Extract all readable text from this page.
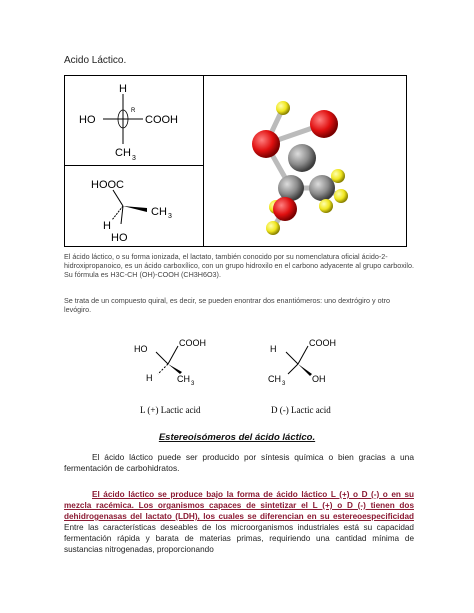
Acido Láctico.
H
HO	COOH
CH 3
R
HOOC
CH 3
H
HO
El ácido láctico, o su forma ionizada, el lactato, también conocido por su nomenclatura oficial ácido-2-hidroxipropanoico, es un ácido carboxílico, con un grupo hidroxilo en el carbono adyacente al grupo carboxilo. Su fórmula es H3C-CH (OH)-COOH (CH3H6O3).
Se trata de un compuesto quiral, es decir, se pueden enontrar dos enantiómeros: uno dextrógiro y otro levógiro.
HO
COOH
H	CH 3
H
COOH
CH 3	OH
L (+) Lactic acid	D (-) Lactic acid
Estereoisómeros del ácido láctico.
El ácido láctico puede ser producido por síntesis química o bien gracias a una fermentación de carbohidratos.
El ácido láctico se produce bajo la forma de ácido láctico L (+) o D (-) o en su mezcla racémica. Los organismos capaces de sintetizar el L (+) o D (-) tienen dos dehidrogenasas del lactato (LDH), los cuales se diferencian en su estereoespecificidad Entre las características deseables de los microorganismos industriales está su capacidad fermentación rápida y barata de materias primas, requiriendo una cantidad mínima de sustancias nitrogenadas, proporcionando
